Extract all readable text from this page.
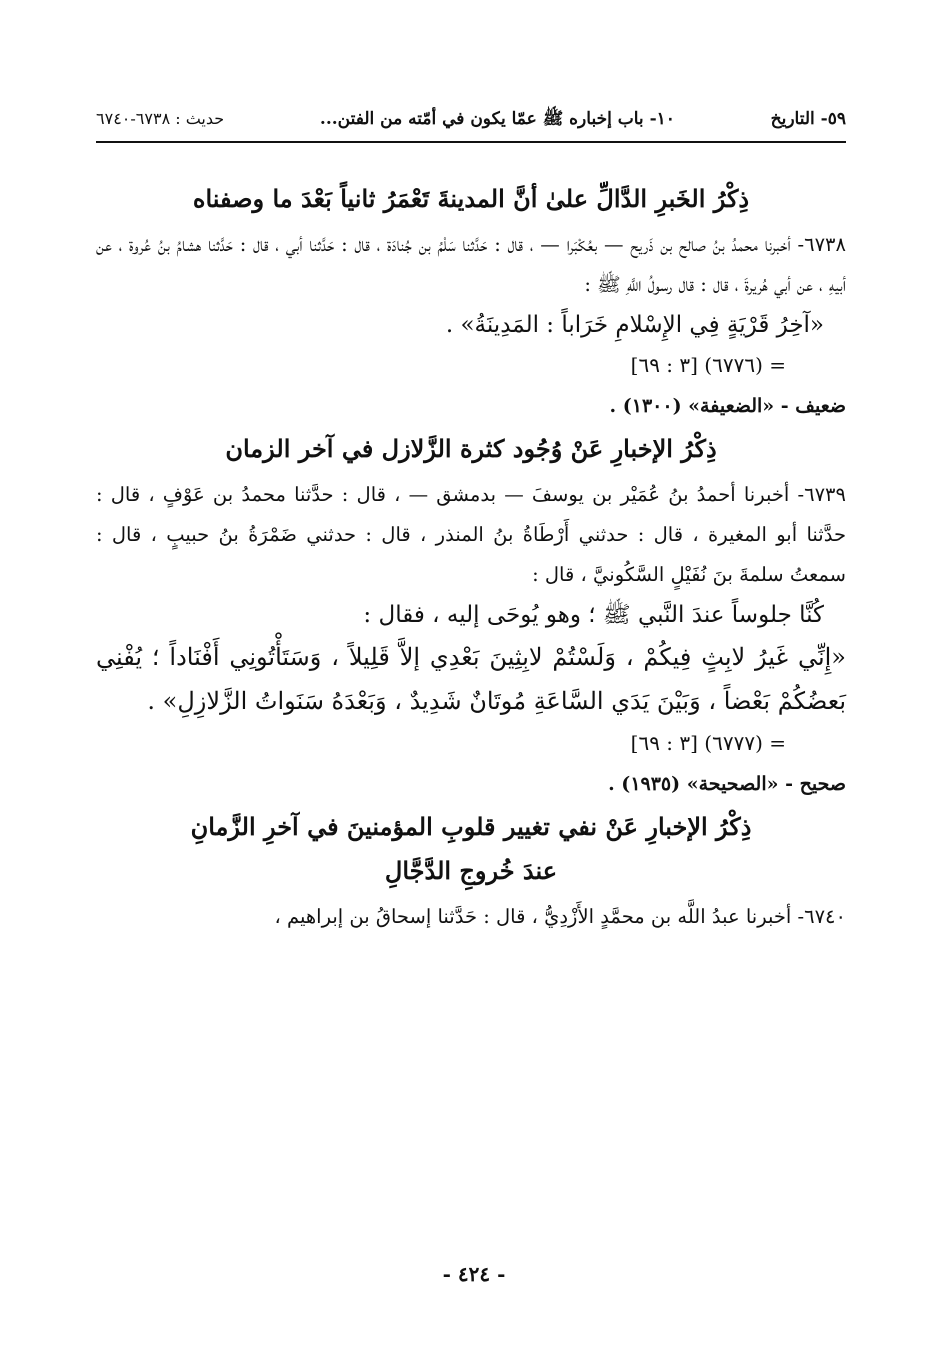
٥٩- التاريخ
١٠- باب إخباره ﷺ عمّا يكون في أمّته من الفتن...
حديث : ٦٧٣٨-٦٧٤٠
ذِكْرُ الخَبرِ الدَّالِّ علىٰ أنَّ المدينةَ تَعْمَرُ ثانياً بَعْدَ ما وصفناه

٦٧٣٨- أخبرنا محمدُ بنُ صالح بن ذَريح — بعُكْبَرا — ، قال : حَدَّثنا سَلْمُ بن جُنادَة ، قال : حَدَّثنا أبي ، قال : حَدَّثنا هشامُ بنُ عُروة ، عن أبيهِ ، عن أبي هُريرةَ ، قال : قال رسولُ اللَّهِ ﷺ :

«آخِرُ قَرْيَةٍ فِي الإِسْلامِ خَرَاباً : المَدِينَةُ» .

= (٦٧٧٦) [٣ : ٦٩]

ضعيف - «الضعيفة» (١٣٠٠) .

ذِكْرُ الإخبارِ عَنْ وُجُود كثرة الزَّلازل في آخر الزمان

٦٧٣٩- أخبرنا أحمدُ بنُ عُمَيْر بن يوسفَ — بدمشق — ، قال : حدَّثنا محمدُ بن عَوْفٍ ، قال : حدَّثنا أبو المغيرة ، قال : حدثني أَرْطَاةُ بنُ المنذر ، قال : حدثني ضَمْرَةُ بنُ حبيبٍ ، قال : سمعتُ سلمةَ بنَ نُفَيْلٍ السَّكُونيَّ ، قال :

كُنَّا جلوساً عندَ النَّبي ﷺ ؛ وهو يُوحَى إليه ، فقال :

«إِنِّي غَيرُ لابِثٍ فِيكُمْ ، وَلَسْتُمْ لابِثِينَ بَعْدِي إلاَّ قَلِيلاً ، وَسَتَأْتُونِي أَفْنَاداً ؛ يُفْنِي بَعضُكُمْ بَعْضاً ، وَبَيْنَ يَدَي السَّاعَةِ مُوتَانٌ شَدِيدٌ ، وَبَعْدَهُ سَنَواتُ الزَّلازِلِ» .

= (٦٧٧٧) [٣ : ٦٩]

صحيح - «الصحيحة» (١٩٣٥) .

ذِكْرُ الإخبارِ عَنْ نفي تغيير قلوبِ المؤمنينَ في آخرِ الزَّمانِ
عندَ خُروجِ الدَّجَّالِ

٦٧٤٠- أخبرنا عبدُ اللَّه بن محمَّدٍ الأَزْدِيُّ ، قال : حَدَّثنا إسحاقُ بن إبراهيم ،

- ٤٢٤ -
